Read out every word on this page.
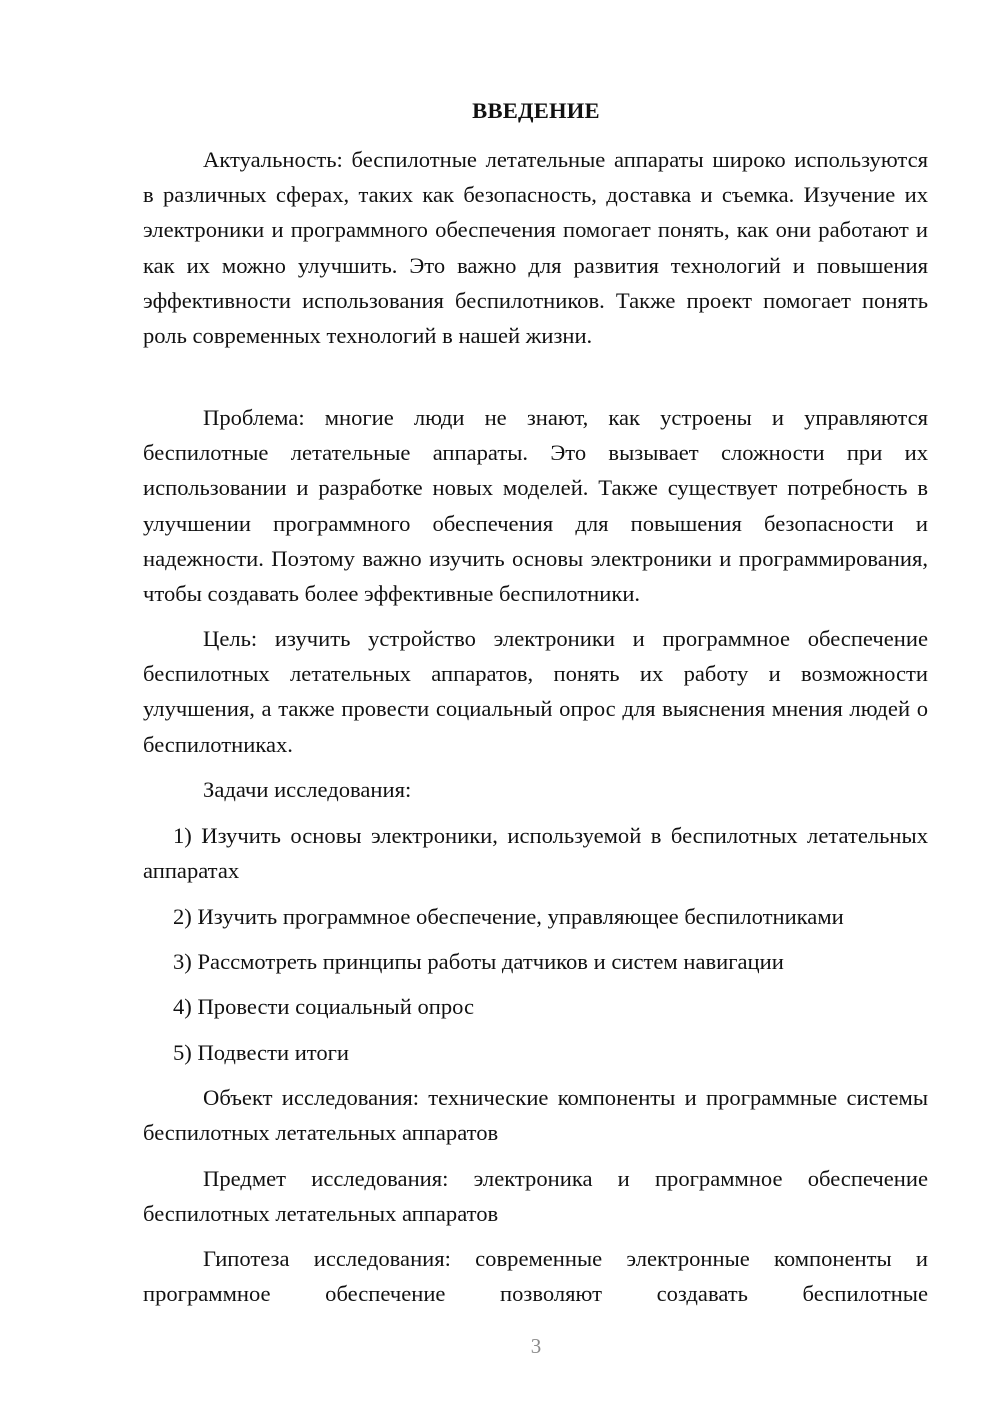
ВВЕДЕНИЕ

Актуальность: беспилотные летательные аппараты широко используются в различных сферах, таких как безопасность, доставка и съемка. Изучение их электроники и программного обеспечения помогает понять, как они работают и как их можно улучшить. Это важно для развития технологий и повышения эффективности использования беспилотников. Также проект помогает понять роль современных технологий в нашей жизни.

Проблема: многие люди не знают, как устроены и управляются беспилотные летательные аппараты. Это вызывает сложности при их использовании и разработке новых моделей. Также существует потребность в улучшении программного обеспечения для повышения безопасности и надежности. Поэтому важно изучить основы электроники и программирования, чтобы создавать более эффективные беспилотники.

Цель: изучить устройство электроники и программное обеспечение беспилотных летательных аппаратов, понять их работу и возможности улучшения, а также провести социальный опрос для выяснения мнения людей о беспилотниках.

Задачи исследования:

1) Изучить основы электроники, используемой в беспилотных летательных аппаратах

2) Изучить программное обеспечение, управляющее беспилотниками

3) Рассмотреть принципы работы датчиков и систем навигации

4) Провести социальный опрос

5) Подвести итоги

Объект исследования: технические компоненты и программные системы беспилотных летательных аппаратов

Предмет исследования: электроника и программное обеспечение беспилотных летательных аппаратов

Гипотеза исследования: современные электронные компоненты и программное обеспечение позволяют создавать беспилотные

3
